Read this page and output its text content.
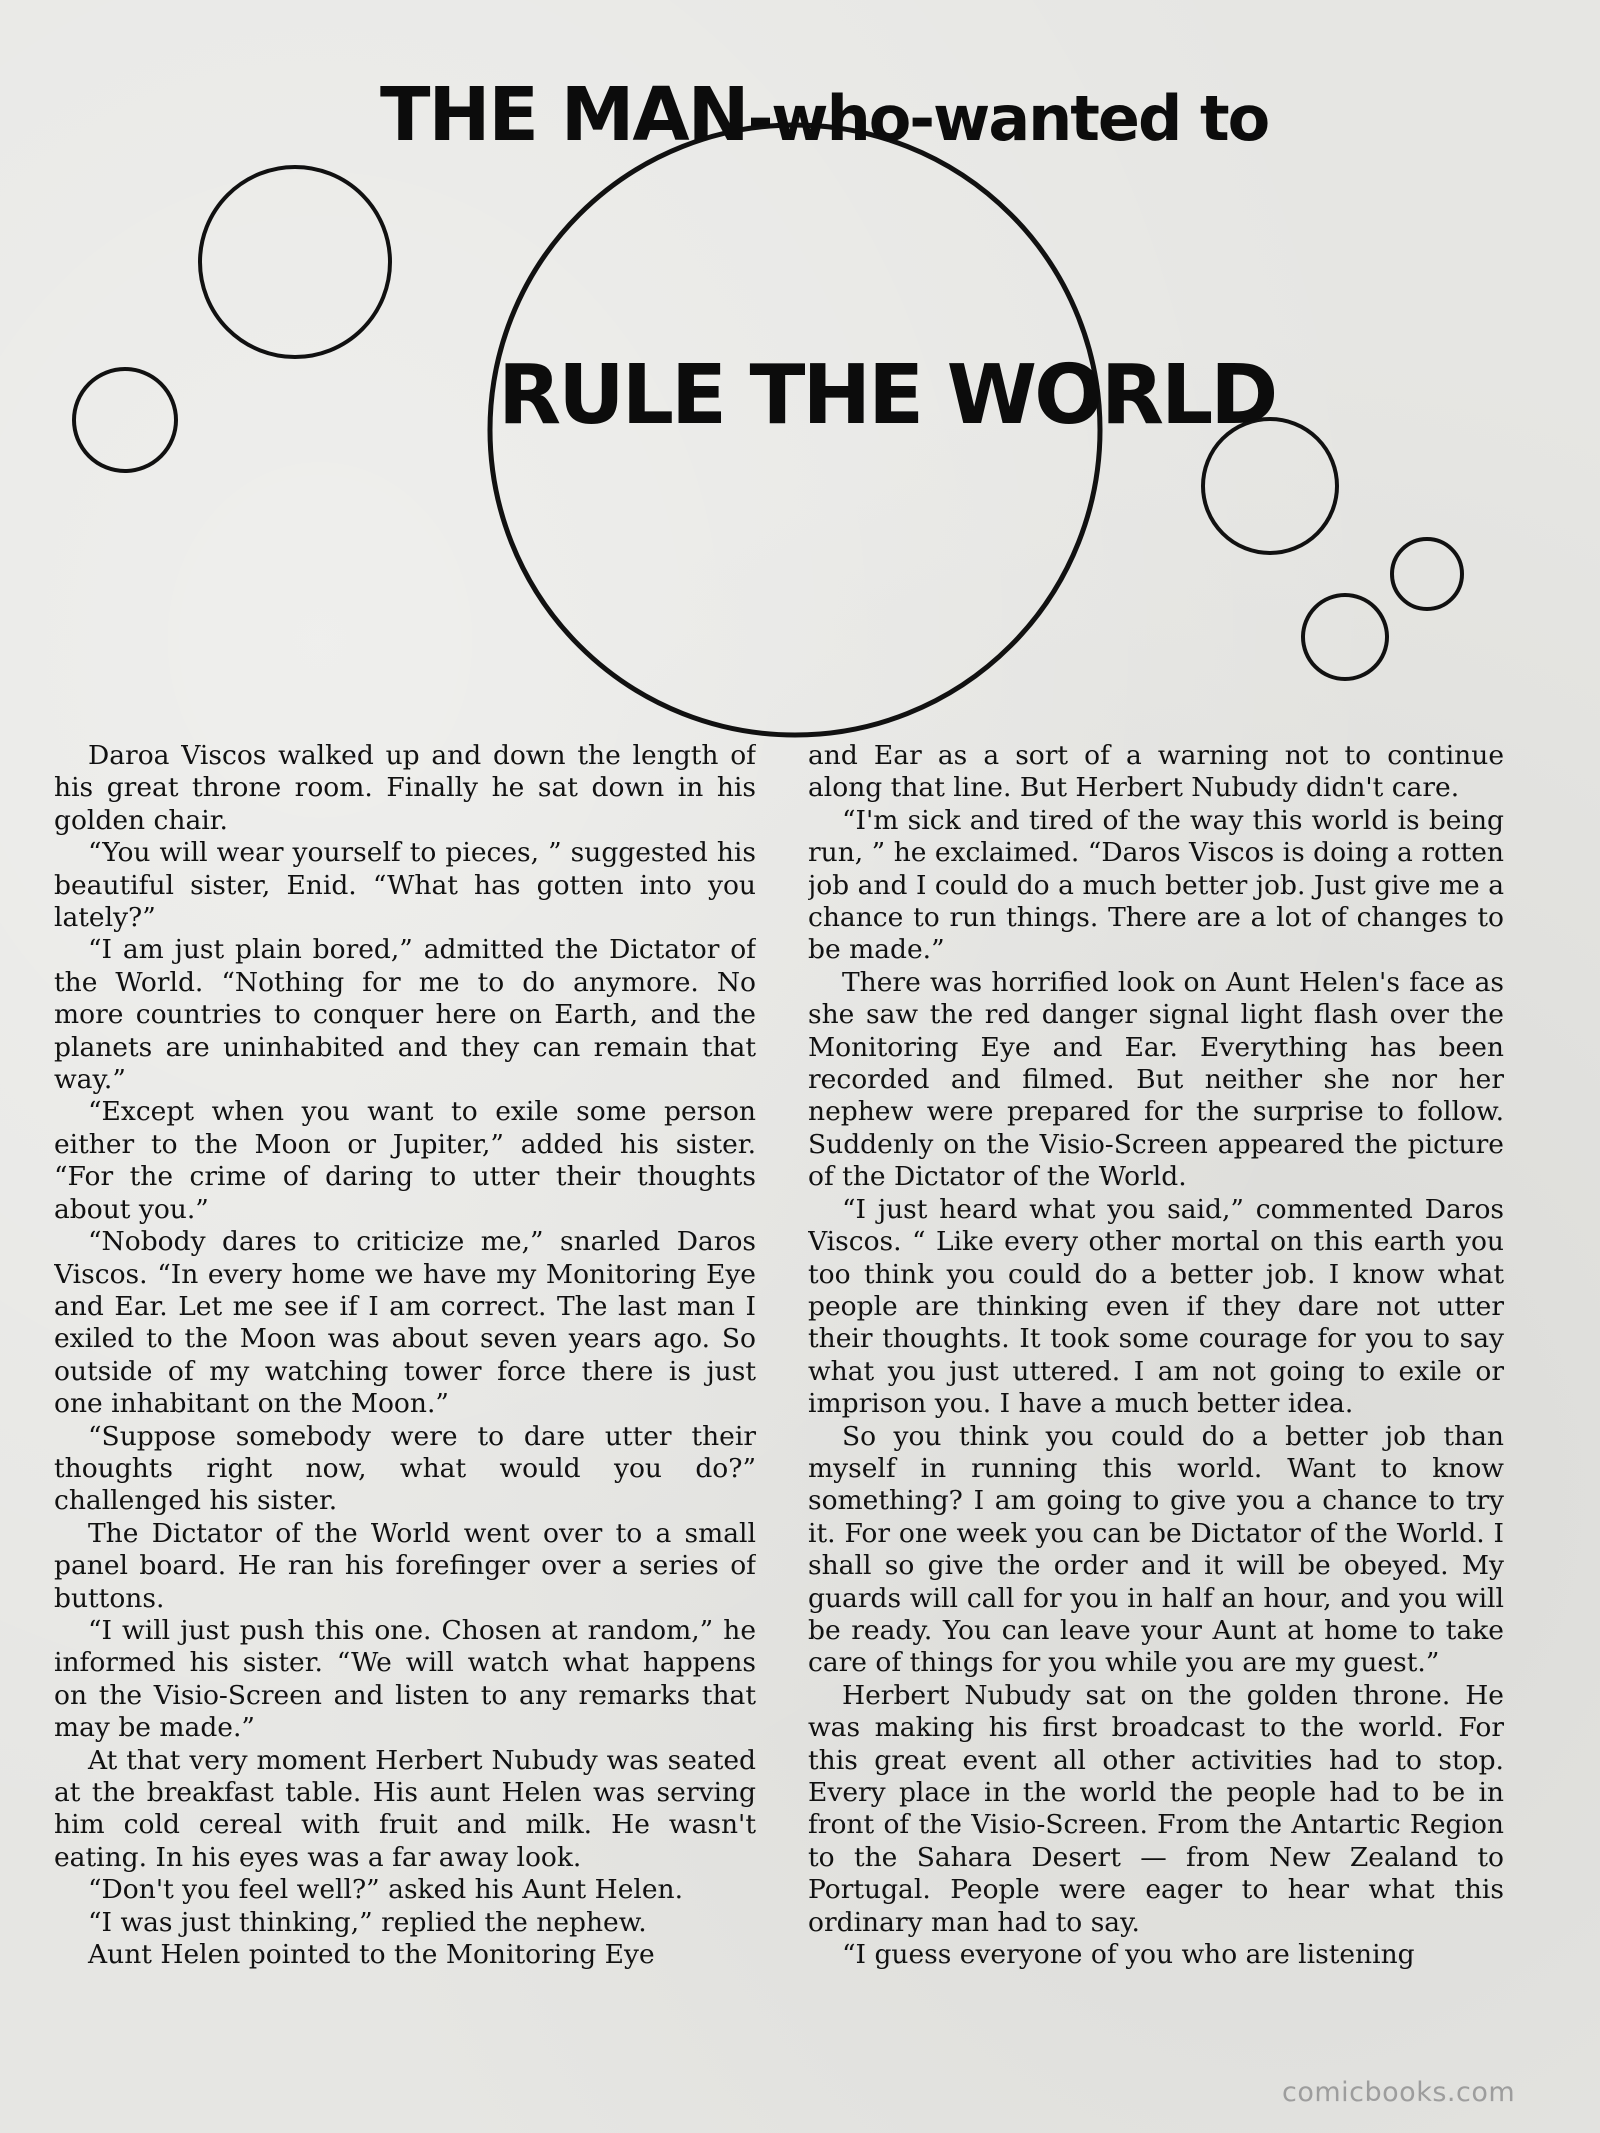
THE MAN-who-wanted to
RULE THE WORLD

Daroa Viscos walked up and down the length of his great throne room. Finally he sat down in his golden chair.

“You will wear yourself to pieces, ” suggested his beautiful sister, Enid. “What has gotten into you lately?”

“I am just plain bored,” admitted the Dictator of the World. “Nothing for me to do anymore. No more countries to conquer here on Earth, and the planets are uninhabited and they can remain that way.”

“Except when you want to exile some person either to the Moon or Jupiter,” added his sister. “For the crime of daring to utter their thoughts about you.”

“Nobody dares to criticize me,” snarled Daros Viscos. “In every home we have my Monitoring Eye and Ear. Let me see if I am correct. The last man I exiled to the Moon was about seven years ago. So outside of my watching tower force there is just one inhabitant on the Moon.”

“Suppose somebody were to dare utter their thoughts right now, what would you do?” challenged his sister.

The Dictator of the World went over to a small panel board. He ran his forefinger over a series of buttons.

“I will just push this one. Chosen at random,” he informed his sister. “We will watch what happens on the Visio-Screen and listen to any remarks that may be made.”

At that very moment Herbert Nubudy was seated at the breakfast table. His aunt Helen was serving him cold cereal with fruit and milk. He wasn't eating. In his eyes was a far away look.

“Don't you feel well?” asked his Aunt Helen.

“I was just thinking,” replied the nephew.

Aunt Helen pointed to the Monitoring Eye

and Ear as a sort of a warning not to continue along that line. But Herbert Nubudy didn't care.

“I'm sick and tired of the way this world is being run, ” he exclaimed. “Daros Viscos is doing a rotten job and I could do a much better job. Just give me a chance to run things. There are a lot of changes to be made.”

There was horrified look on Aunt Helen's face as she saw the red danger signal light flash over the Monitoring Eye and Ear. Everything has been recorded and filmed. But neither she nor her nephew were prepared for the surprise to follow. Suddenly on the Visio-Screen appeared the picture of the Dictator of the World.

“I just heard what you said,” commented Daros Viscos. “ Like every other mortal on this earth you too think you could do a better job. I know what people are thinking even if they dare not utter their thoughts. It took some courage for you to say what you just uttered. I am not going to exile or imprison you. I have a much better idea.

So you think you could do a better job than myself in running this world. Want to know something? I am going to give you a chance to try it. For one week you can be Dictator of the World. I shall so give the order and it will be obeyed. My guards will call for you in half an hour, and you will be ready. You can leave your Aunt at home to take care of things for you while you are my guest.”

Herbert Nubudy sat on the golden throne. He was making his first broadcast to the world. For this great event all other activities had to stop. Every place in the world the people had to be in front of the Visio-Screen. From the Antartic Region to the Sahara Desert — from New Zealand to Portugal. People were eager to hear what this ordinary man had to say.

“I guess everyone of you who are listening

comicbooks.com
